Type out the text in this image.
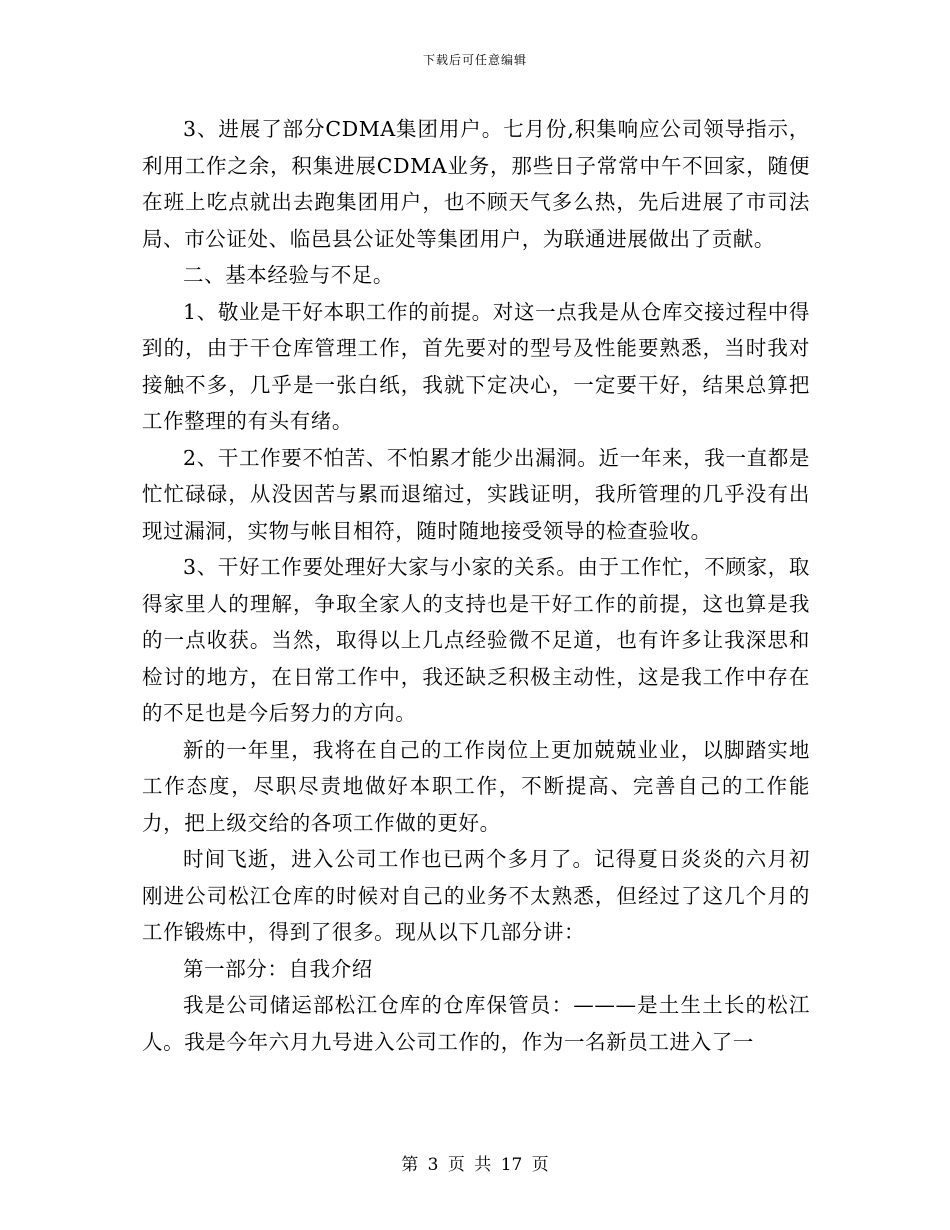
下载后可任意编辑

3、进展了部分CDMA集团用户。七月份,积集响应公司领导指示，利用工作之余，积集进展CDMA业务，那些日子常常中午不回家，随便在班上吃点就出去跑集团用户，也不顾天气多么热，先后进展了市司法局、市公证处、临邑县公证处等集团用户，为联通进展做出了贡献。

二、基本经验与不足。

1、敬业是干好本职工作的前提。对这一点我是从仓库交接过程中得到的，由于干仓库管理工作，首先要对的型号及性能要熟悉，当时我对接触不多，几乎是一张白纸，我就下定决心，一定要干好，结果总算把工作整理的有头有绪。

2、干工作要不怕苦、不怕累才能少出漏洞。近一年来，我一直都是忙忙碌碌，从没因苦与累而退缩过，实践证明，我所管理的几乎没有出现过漏洞，实物与帐目相符，随时随地接受领导的检查验收。

3、干好工作要处理好大家与小家的关系。由于工作忙，不顾家，取得家里人的理解，争取全家人的支持也是干好工作的前提，这也算是我的一点收获。当然，取得以上几点经验微不足道，也有许多让我深思和检讨的地方，在日常工作中，我还缺乏积极主动性，这是我工作中存在的不足也是今后努力的方向。

新的一年里，我将在自己的工作岗位上更加兢兢业业，以脚踏实地工作态度，尽职尽责地做好本职工作，不断提高、完善自己的工作能力，把上级交给的各项工作做的更好。

时间飞逝，进入公司工作也已两个多月了。记得夏日炎炎的六月初刚进公司松江仓库的时候对自己的业务不太熟悉，但经过了这几个月的工作锻炼中，得到了很多。现从以下几部分讲：

第一部分：自我介绍

我是公司储运部松江仓库的仓库保管员：———是土生土长的松江人。我是今年六月九号进入公司工作的，作为一名新员工进入了一

第 3 页 共 17 页
